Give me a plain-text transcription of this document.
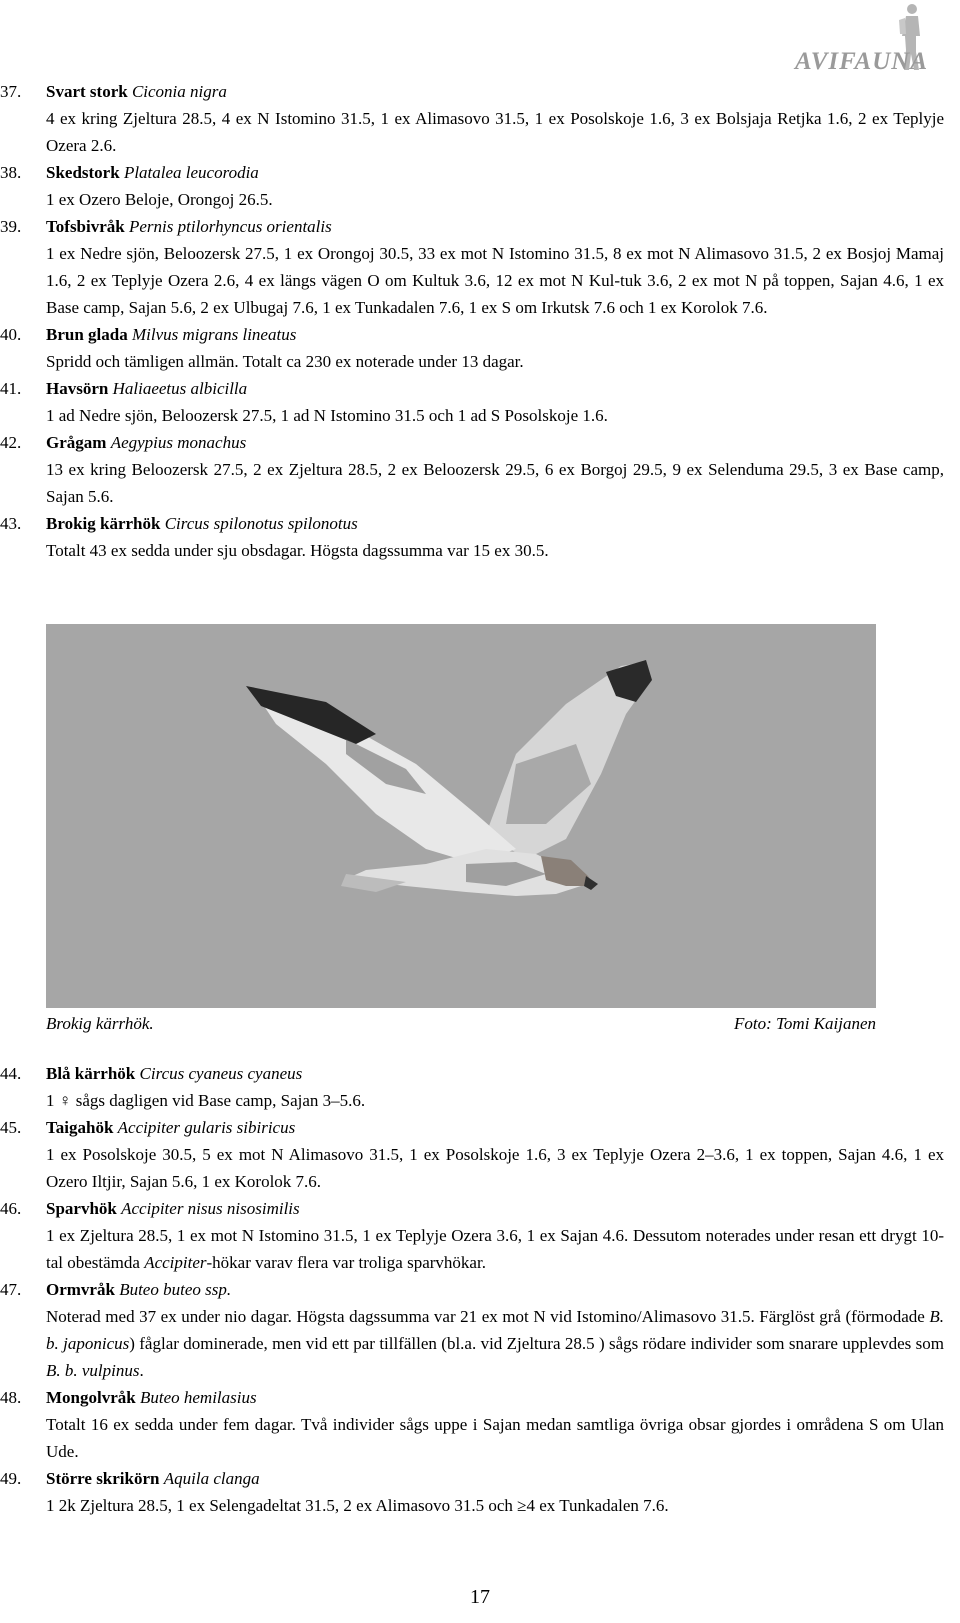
AVIFAUNA
37. Svart stork Ciconia nigra
4 ex kring Zjeltura 28.5, 4 ex N Istomino 31.5, 1 ex Alimasovo 31.5, 1 ex Posolskoje 1.6, 3 ex Bolsjaja Retjka 1.6, 2 ex Teplyje Ozera 2.6.
38. Skedstork Platalea leucorodia
1 ex Ozero Beloje, Orongoj 26.5.
39. Tofsbivråk Pernis ptilorhyncus orientalis
1 ex Nedre sjön, Beloozersk 27.5, 1 ex Orongoj 30.5, 33 ex mot N Istomino 31.5, 8 ex mot N Alimasovo 31.5, 2 ex Bosjoj Mamaj 1.6, 2 ex Teplyje Ozera 2.6, 4 ex längs vägen O om Kultuk 3.6, 12 ex mot N Kul-tuk 3.6, 2 ex mot N på toppen, Sajan 4.6, 1 ex Base camp, Sajan 5.6, 2 ex Ulbugaj 7.6, 1 ex Tunkadalen 7.6, 1 ex S om Irkutsk 7.6 och 1 ex Korolok 7.6.
40. Brun glada Milvus migrans lineatus
Spridd och tämligen allmän. Totalt ca 230 ex noterade under 13 dagar.
41. Havsörn Haliaeetus albicilla
1 ad Nedre sjön, Beloozersk 27.5, 1 ad N Istomino 31.5 och 1 ad S Posolskoje 1.6.
42. Grågam Aegypius monachus
13 ex kring Beloozersk 27.5, 2 ex Zjeltura 28.5, 2 ex Beloozersk 29.5, 6 ex Borgoj 29.5, 9 ex Selenduma 29.5, 3 ex Base camp, Sajan 5.6.
43. Brokig kärrhök Circus spilonotus spilonotus
Totalt 43 ex sedda under sju obsdagar. Högsta dagssumma var 15 ex 30.5.
Brokig kärrhök.	Foto: Tomi Kaijanen
44. Blå kärrhök Circus cyaneus cyaneus
1 ♀ sågs dagligen vid Base camp, Sajan 3–5.6.
45. Taigahök Accipiter gularis sibiricus
1 ex Posolskoje 30.5, 5 ex mot N Alimasovo 31.5, 1 ex Posolskoje 1.6, 3 ex Teplyje Ozera 2–3.6, 1 ex toppen, Sajan 4.6, 1 ex Ozero Iltjir, Sajan 5.6, 1 ex Korolok 7.6.
46. Sparvhök Accipiter nisus nisosimilis
1 ex Zjeltura 28.5, 1 ex mot N Istomino 31.5, 1 ex Teplyje Ozera 3.6, 1 ex Sajan 4.6. Dessutom noterades under resan ett drygt 10-tal obestämda Accipiter-hökar varav flera var troliga sparvhökar.
47. Ormvråk Buteo buteo ssp.
Noterad med 37 ex under nio dagar. Högsta dagssumma var 21 ex mot N vid Istomino/Alimasovo 31.5. Färglöst grå (förmodade B. b. japonicus) fåglar dominerade, men vid ett par tillfällen (bl.a. vid Zjeltura 28.5 ) sågs rödare individer som snarare upplevdes som B. b. vulpinus.
48. Mongolvråk Buteo hemilasius
Totalt 16 ex sedda under fem dagar. Två individer sågs uppe i Sajan medan samtliga övriga obsar gjordes i områdena S om Ulan Ude.
49. Större skrikörn Aquila clanga
1 2k Zjeltura 28.5, 1 ex Selengadeltat 31.5, 2 ex Alimasovo 31.5 och ≥4 ex Tunkadalen 7.6.
17
